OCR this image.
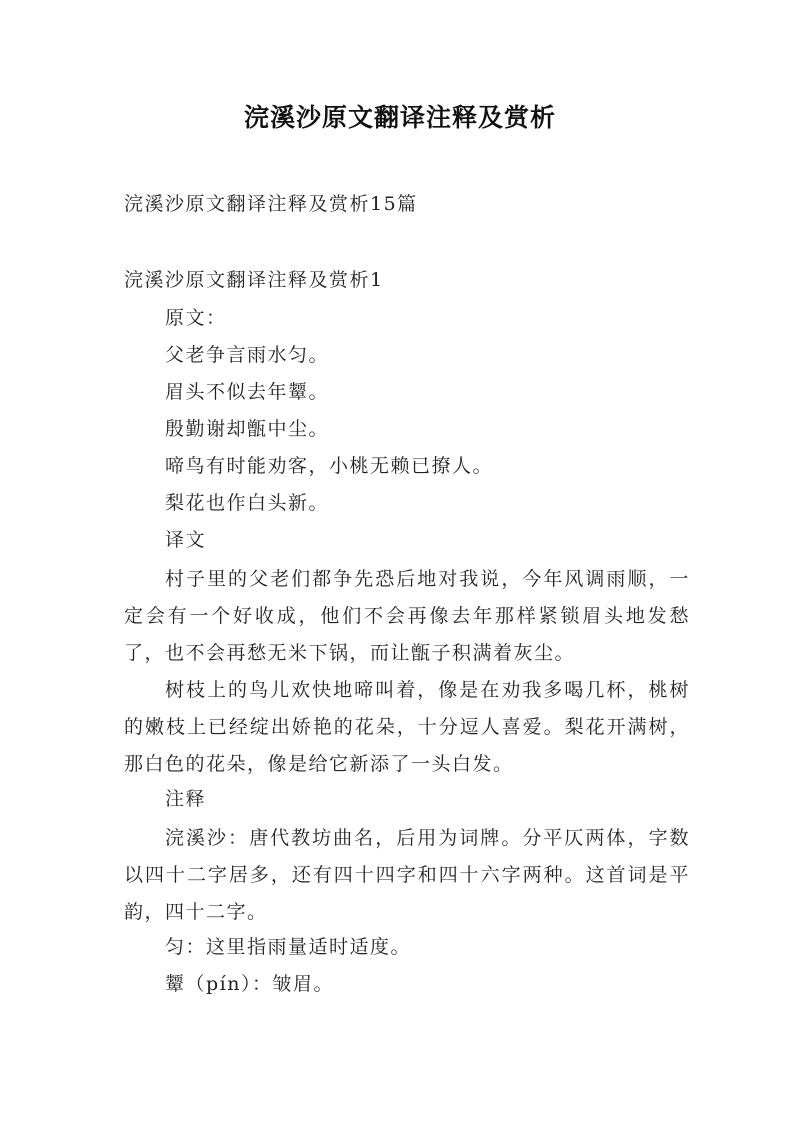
浣溪沙原文翻译注释及赏析
浣溪沙原文翻译注释及赏析15篇
浣溪沙原文翻译注释及赏析1
原文：
父老争言雨水匀。
眉头不似去年颦。
殷勤谢却甑中尘。
啼鸟有时能劝客，小桃无赖已撩人。
梨花也作白头新。
译文
村子里的父老们都争先恐后地对我说，今年风调雨顺，一定会有一个好收成，他们不会再像去年那样紧锁眉头地发愁了，也不会再愁无米下锅，而让甑子积满着灰尘。
树枝上的鸟儿欢快地啼叫着，像是在劝我多喝几杯，桃树的嫩枝上已经绽出娇艳的花朵，十分逗人喜爱。梨花开满树，那白色的花朵，像是给它新添了一头白发。
注释
浣溪沙：唐代教坊曲名，后用为词牌。分平仄两体，字数以四十二字居多，还有四十四字和四十六字两种。这首词是平韵，四十二字。
匀：这里指雨量适时适度。
颦（pín）：皱眉。
